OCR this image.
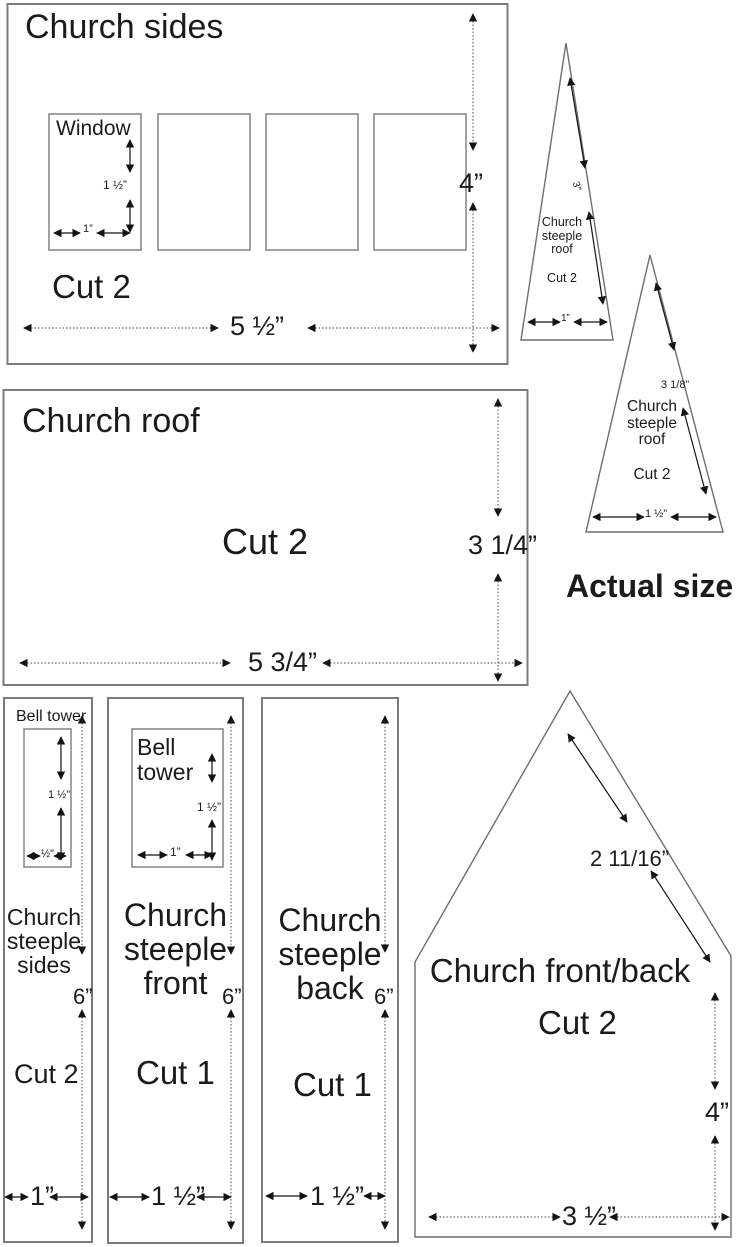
Church sides
Window
1 ½”
1”
Cut 2
5 ½”
4”
Church
steeple
roof
Cut 2
3”
1”
Church
steeple
roof
Cut 2
3 1/8”
1 ½”
Actual size
Church roof
Cut 2	3 1/4”
5 3/4”
Bell tower
1 ½”
½”
Church
steeple
sides
6”
Cut 2
1”
Bell
tower
1 ½”
1”
Church
steeple
front 6”
Cut 1
1 ½”
Church
steeple
back 6”
Cut 1
1 ½”
Church front/back
Cut 2
2 11/16”
4”
3 ½”
